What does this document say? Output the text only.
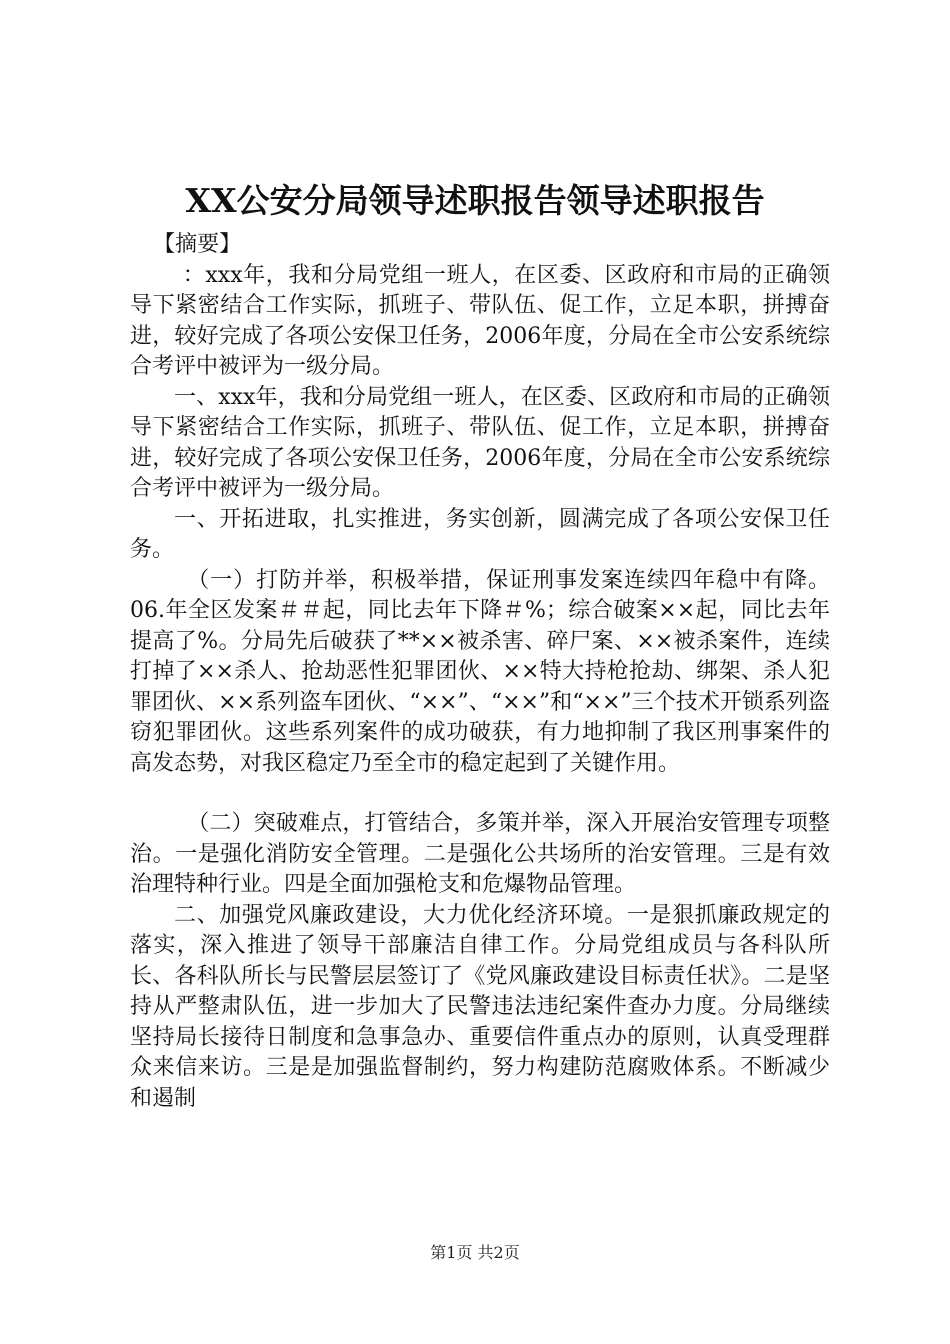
XX公安分局领导述职报告领导述职报告

【摘要】

：xxx年，我和分局党组一班人，在区委、区政府和市局的正确领导下紧密结合工作实际，抓班子、带队伍、促工作，立足本职，拼搏奋进，较好完成了各项公安保卫任务，2006年度，分局在全市公安系统综合考评中被评为一级分局。

一、xxx年，我和分局党组一班人，在区委、区政府和市局的正确领导下紧密结合工作实际，抓班子、带队伍、促工作，立足本职，拼搏奋进，较好完成了各项公安保卫任务，2006年度，分局在全市公安系统综合考评中被评为一级分局。

一、开拓进取，扎实推进，务实创新，圆满完成了各项公安保卫任务。

（一）打防并举，积极举措，保证刑事发案连续四年稳中有降。06.年全区发案＃＃起，同比去年下降＃%；综合破案××起，同比去年提高了%。分局先后破获了**××被杀害、碎尸案、××被杀案件，连续打掉了××杀人、抢劫恶性犯罪团伙、××特大持枪抢劫、绑架、杀人犯罪团伙、××系列盗车团伙、“××”、“××”和“××”三个技术开锁系列盗窃犯罪团伙。这些系列案件的成功破获，有力地抑制了我区刑事案件的高发态势，对我区稳定乃至全市的稳定起到了关键作用。

（二）突破难点，打管结合，多策并举，深入开展治安管理专项整治。一是强化消防安全管理。二是强化公共场所的治安管理。三是有效治理特种行业。四是全面加强枪支和危爆物品管理。

二、加强党风廉政建设，大力优化经济环境。一是狠抓廉政规定的落实，深入推进了领导干部廉洁自律工作。分局党组成员与各科队所长、各科队所长与民警层层签订了《党风廉政建设目标责任状》。二是坚持从严整肃队伍，进一步加大了民警违法违纪案件查办力度。分局继续坚持局长接待日制度和急事急办、重要信件重点办的原则，认真受理群众来信来访。三是是加强监督制约，努力构建防范腐败体系。不断减少和遏制

第1页 共2页
